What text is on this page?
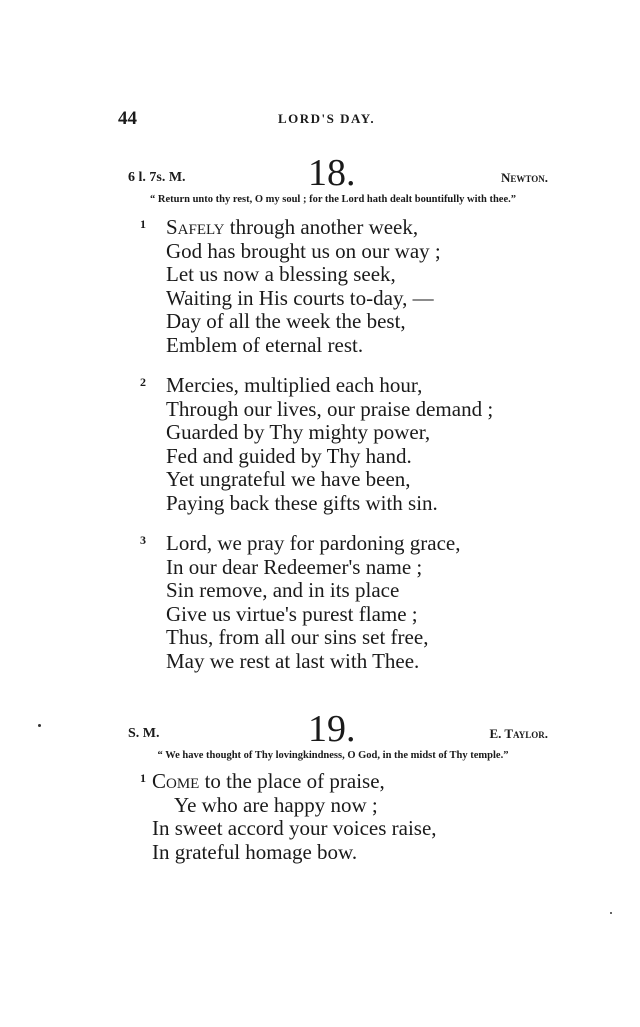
44	LORD'S DAY.
6 l. 7s. M.	18.	Newton.
“ Return unto thy rest, O my soul ; for the Lord hath dealt bountifully with thee.”
1 Safely through another week,
God has brought us on our way ;
Let us now a blessing seek,
Waiting in His courts to-day, —
Day of all the week the best,
Emblem of eternal rest.
2 Mercies, multiplied each hour,
Through our lives, our praise demand ;
Guarded by Thy mighty power,
Fed and guided by Thy hand.
Yet ungrateful we have been,
Paying back these gifts with sin.
3 Lord, we pray for pardoning grace,
In our dear Redeemer's name ;
Sin remove, and in its place
Give us virtue's purest flame ;
Thus, from all our sins set free,
May we rest at last with Thee.
S. M.	19.	E. Taylor.
“ We have thought of Thy lovingkindness, O God, in the midst of Thy temple.”
1 Come to the place of praise,
Ye who are happy now ;
In sweet accord your voices raise,
In grateful homage bow.
